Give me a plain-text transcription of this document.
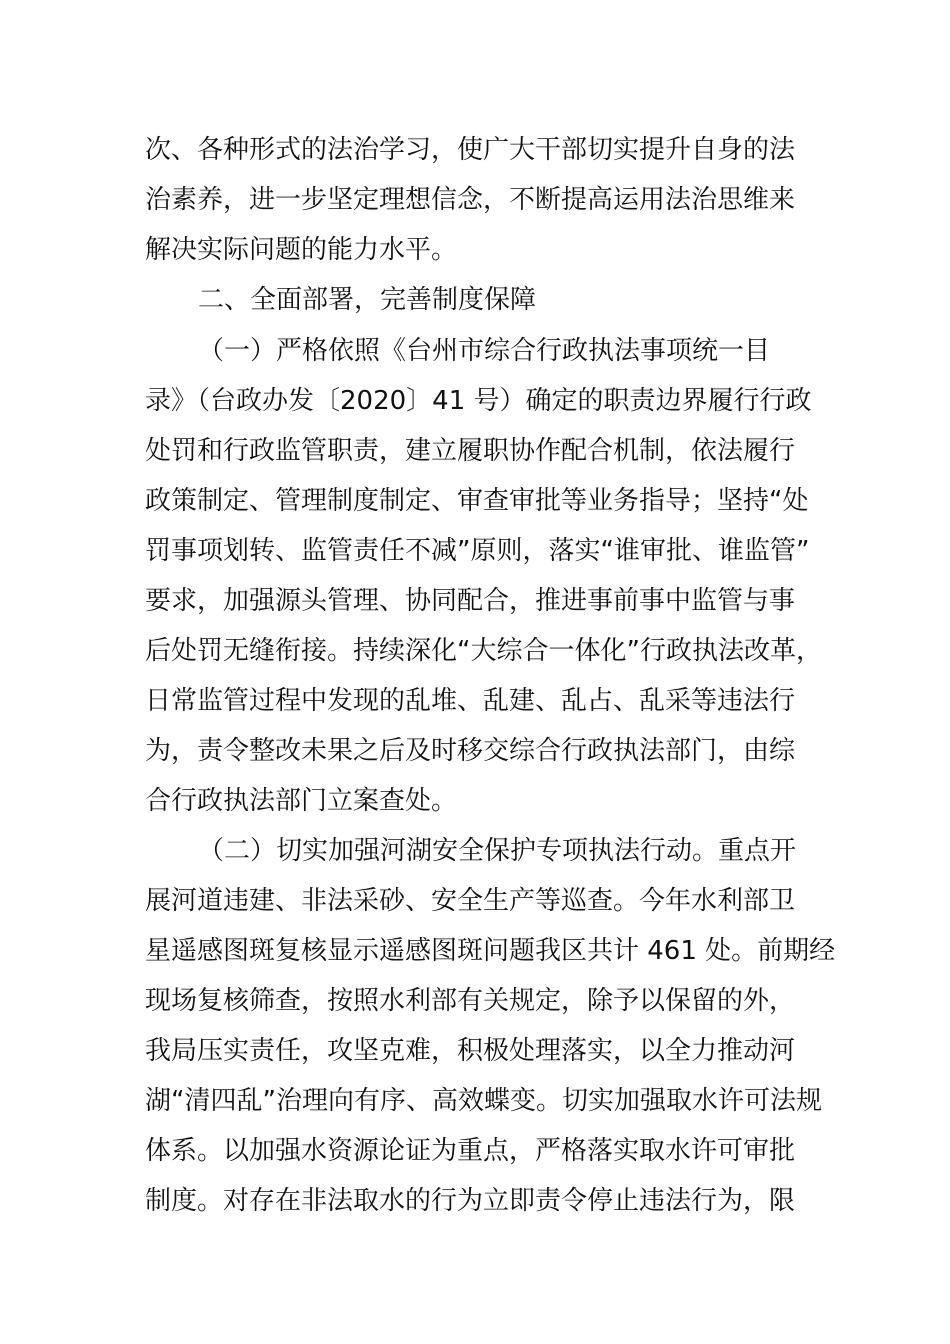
次、各种形式的法治学习，使广大干部切实提升自身的法
治素养，进一步坚定理想信念，不断提高运用法治思维来
解决实际问题的能力水平。
二、全面部署，完善制度保障
（一）严格依照《台州市综合行政执法事项统一目
录》（台政办发〔2020〕41 号）确定的职责边界履行行政
处罚和行政监管职责，建立履职协作配合机制，依法履行
政策制定、管理制度制定、审查审批等业务指导；坚持“处
罚事项划转、监管责任不减”原则，落实“谁审批、谁监管”
要求，加强源头管理、协同配合，推进事前事中监管与事
后处罚无缝衔接。持续深化“大综合一体化”行政执法改革，
日常监管过程中发现的乱堆、乱建、乱占、乱采等违法行
为，责令整改未果之后及时移交综合行政执法部门，由综
合行政执法部门立案查处。
（二）切实加强河湖安全保护专项执法行动。重点开
展河道违建、非法采砂、安全生产等巡查。今年水利部卫
星遥感图斑复核显示遥感图斑问题我区共计 461 处。前期经
现场复核筛查，按照水利部有关规定，除予以保留的外，
我局压实责任，攻坚克难，积极处理落实，以全力推动河
湖“清四乱”治理向有序、高效蝶变。切实加强取水许可法规
体系。以加强水资源论证为重点，严格落实取水许可审批
制度。对存在非法取水的行为立即责令停止违法行为，限
